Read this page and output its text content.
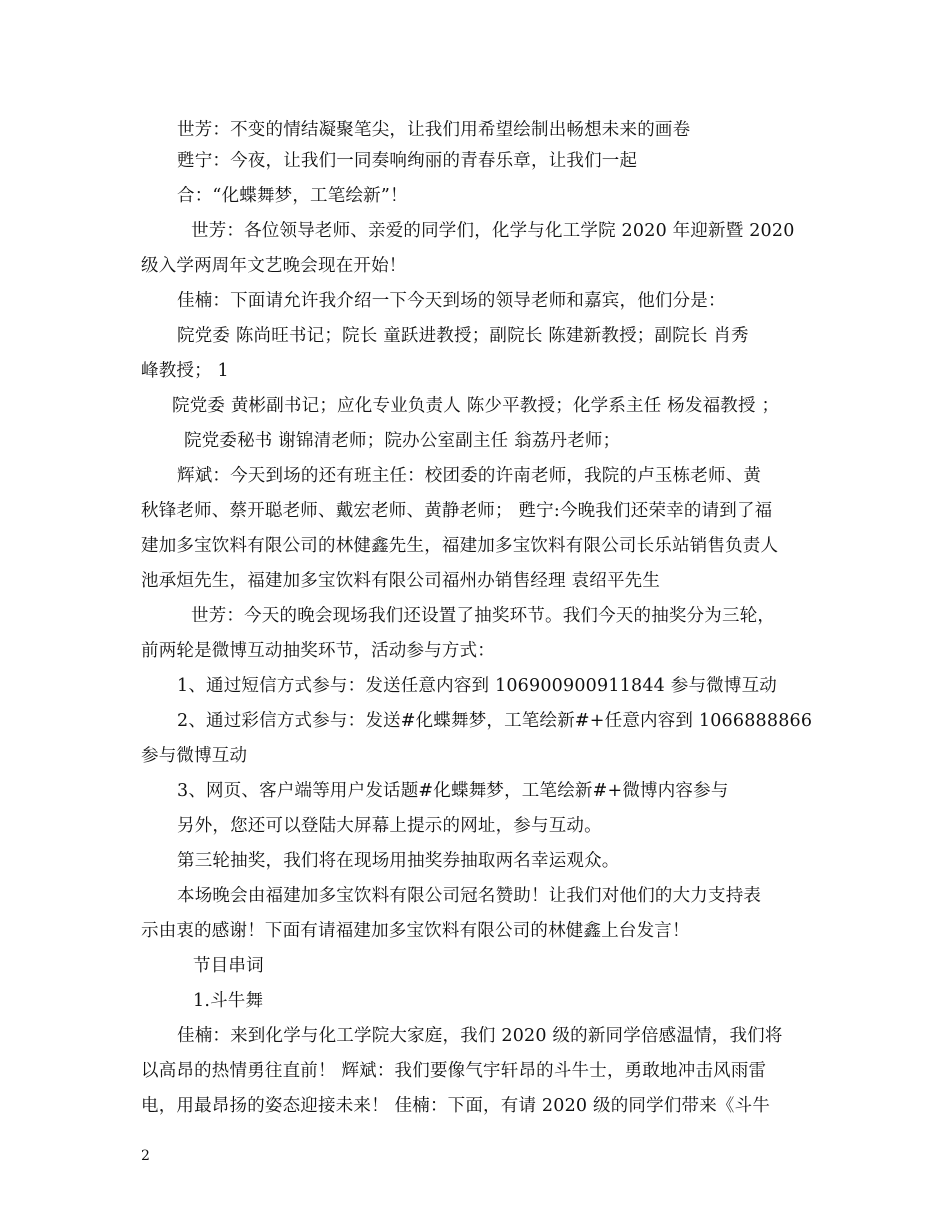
世芳：不变的情结凝聚笔尖，让我们用希望绘制出畅想未来的画卷
甦宁：今夜，让我们一同奏响绚丽的青春乐章，让我们一起
合：“化蝶舞梦，工笔绘新”！
世芳：各位领导老师、亲爱的同学们，化学与化工学院 2020 年迎新暨 2020
级入学两周年文艺晚会现在开始！
佳楠：下面请允许我介绍一下今天到场的领导老师和嘉宾，他们分是：
院党委 陈尚旺书记；院长 童跃进教授；副院长 陈建新教授；副院长 肖秀
峰教授； 1
院党委 黄彬副书记；应化专业负责人 陈少平教授；化学系主任 杨发福教授 ；
院党委秘书 谢锦清老师；院办公室副主任 翁荔丹老师；
辉斌：今天到场的还有班主任：校团委的许南老师，我院的卢玉栋老师、黄
秋锋老师、蔡开聪老师、戴宏老师、黄静老师； 甦宁:今晚我们还荣幸的请到了福
建加多宝饮料有限公司的林健鑫先生，福建加多宝饮料有限公司长乐站销售负责人
池承烜先生，福建加多宝饮料有限公司福州办销售经理 袁绍平先生
世芳：今天的晚会现场我们还设置了抽奖环节。我们今天的抽奖分为三轮，
前两轮是微博互动抽奖环节，活动参与方式：
1、通过短信方式参与：发送任意内容到 106900900911844 参与微博互动
2、通过彩信方式参与：发送#化蝶舞梦，工笔绘新#+任意内容到 1066888866
参与微博互动
3、网页、客户端等用户发话题#化蝶舞梦，工笔绘新#+微博内容参与
另外，您还可以登陆大屏幕上提示的网址，参与互动。
第三轮抽奖，我们将在现场用抽奖券抽取两名幸运观众。
本场晚会由福建加多宝饮料有限公司冠名赞助！让我们对他们的大力支持表
示由衷的感谢！下面有请福建加多宝饮料有限公司的林健鑫上台发言！
节目串词
1.斗牛舞
佳楠：来到化学与化工学院大家庭，我们 2020 级的新同学倍感温情，我们将
以高昂的热情勇往直前！ 辉斌：我们要像气宇轩昂的斗牛士，勇敢地冲击风雨雷
电，用最昂扬的姿态迎接未来！ 佳楠：下面，有请 2020 级的同学们带来《斗牛
2
